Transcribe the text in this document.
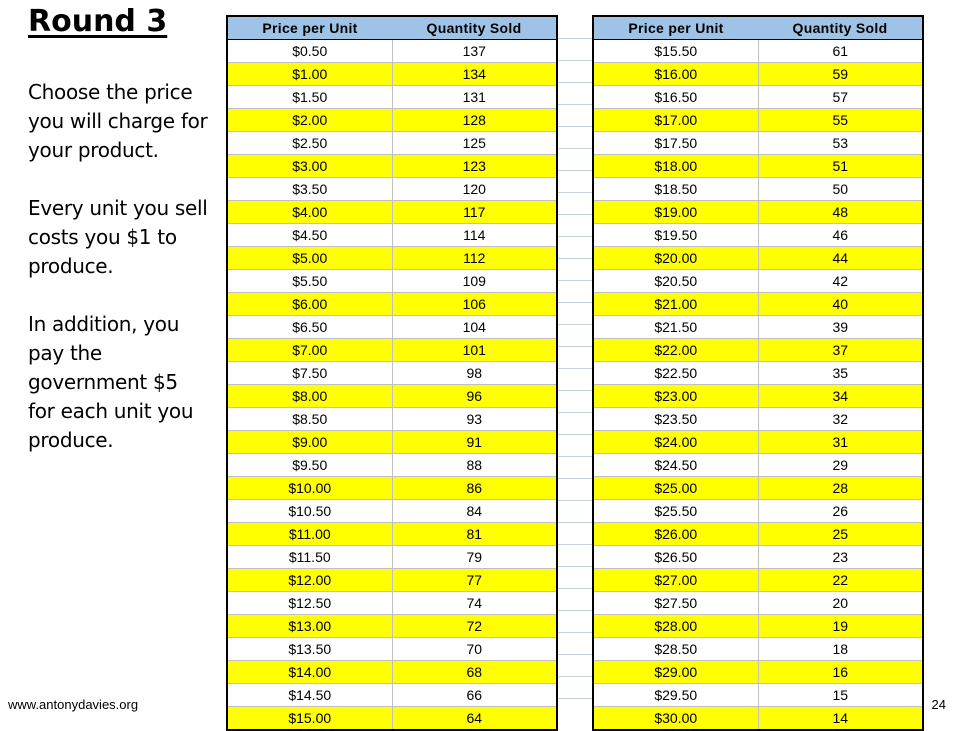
Round 3

Choose the price you will charge for your product.

Every unit you sell costs you $1 to produce.

In addition, you pay the government $5 for each unit you produce.

Price per Unit	Quantity Sold
$0.50	137
$1.00	134
$1.50	131
$2.00	128
$2.50	125
$3.00	123
$3.50	120
$4.00	117
$4.50	114
$5.00	112
$5.50	109
$6.00	106
$6.50	104
$7.00	101
$7.50	98
$8.00	96
$8.50	93
$9.00	91
$9.50	88
$10.00	86
$10.50	84
$11.00	81
$11.50	79
$12.00	77
$12.50	74
$13.00	72
$13.50	70
$14.00	68
$14.50	66
$15.00	64
Price per Unit	Quantity Sold
$15.50	61
$16.00	59
$16.50	57
$17.00	55
$17.50	53
$18.00	51
$18.50	50
$19.00	48
$19.50	46
$20.00	44
$20.50	42
$21.00	40
$21.50	39
$22.00	37
$22.50	35
$23.00	34
$23.50	32
$24.00	31
$24.50	29
$25.00	28
$25.50	26
$26.00	25
$26.50	23
$27.00	22
$27.50	20
$28.00	19
$28.50	18
$29.00	16
$29.50	15
$30.00	14
www.antonydavies.org	24
